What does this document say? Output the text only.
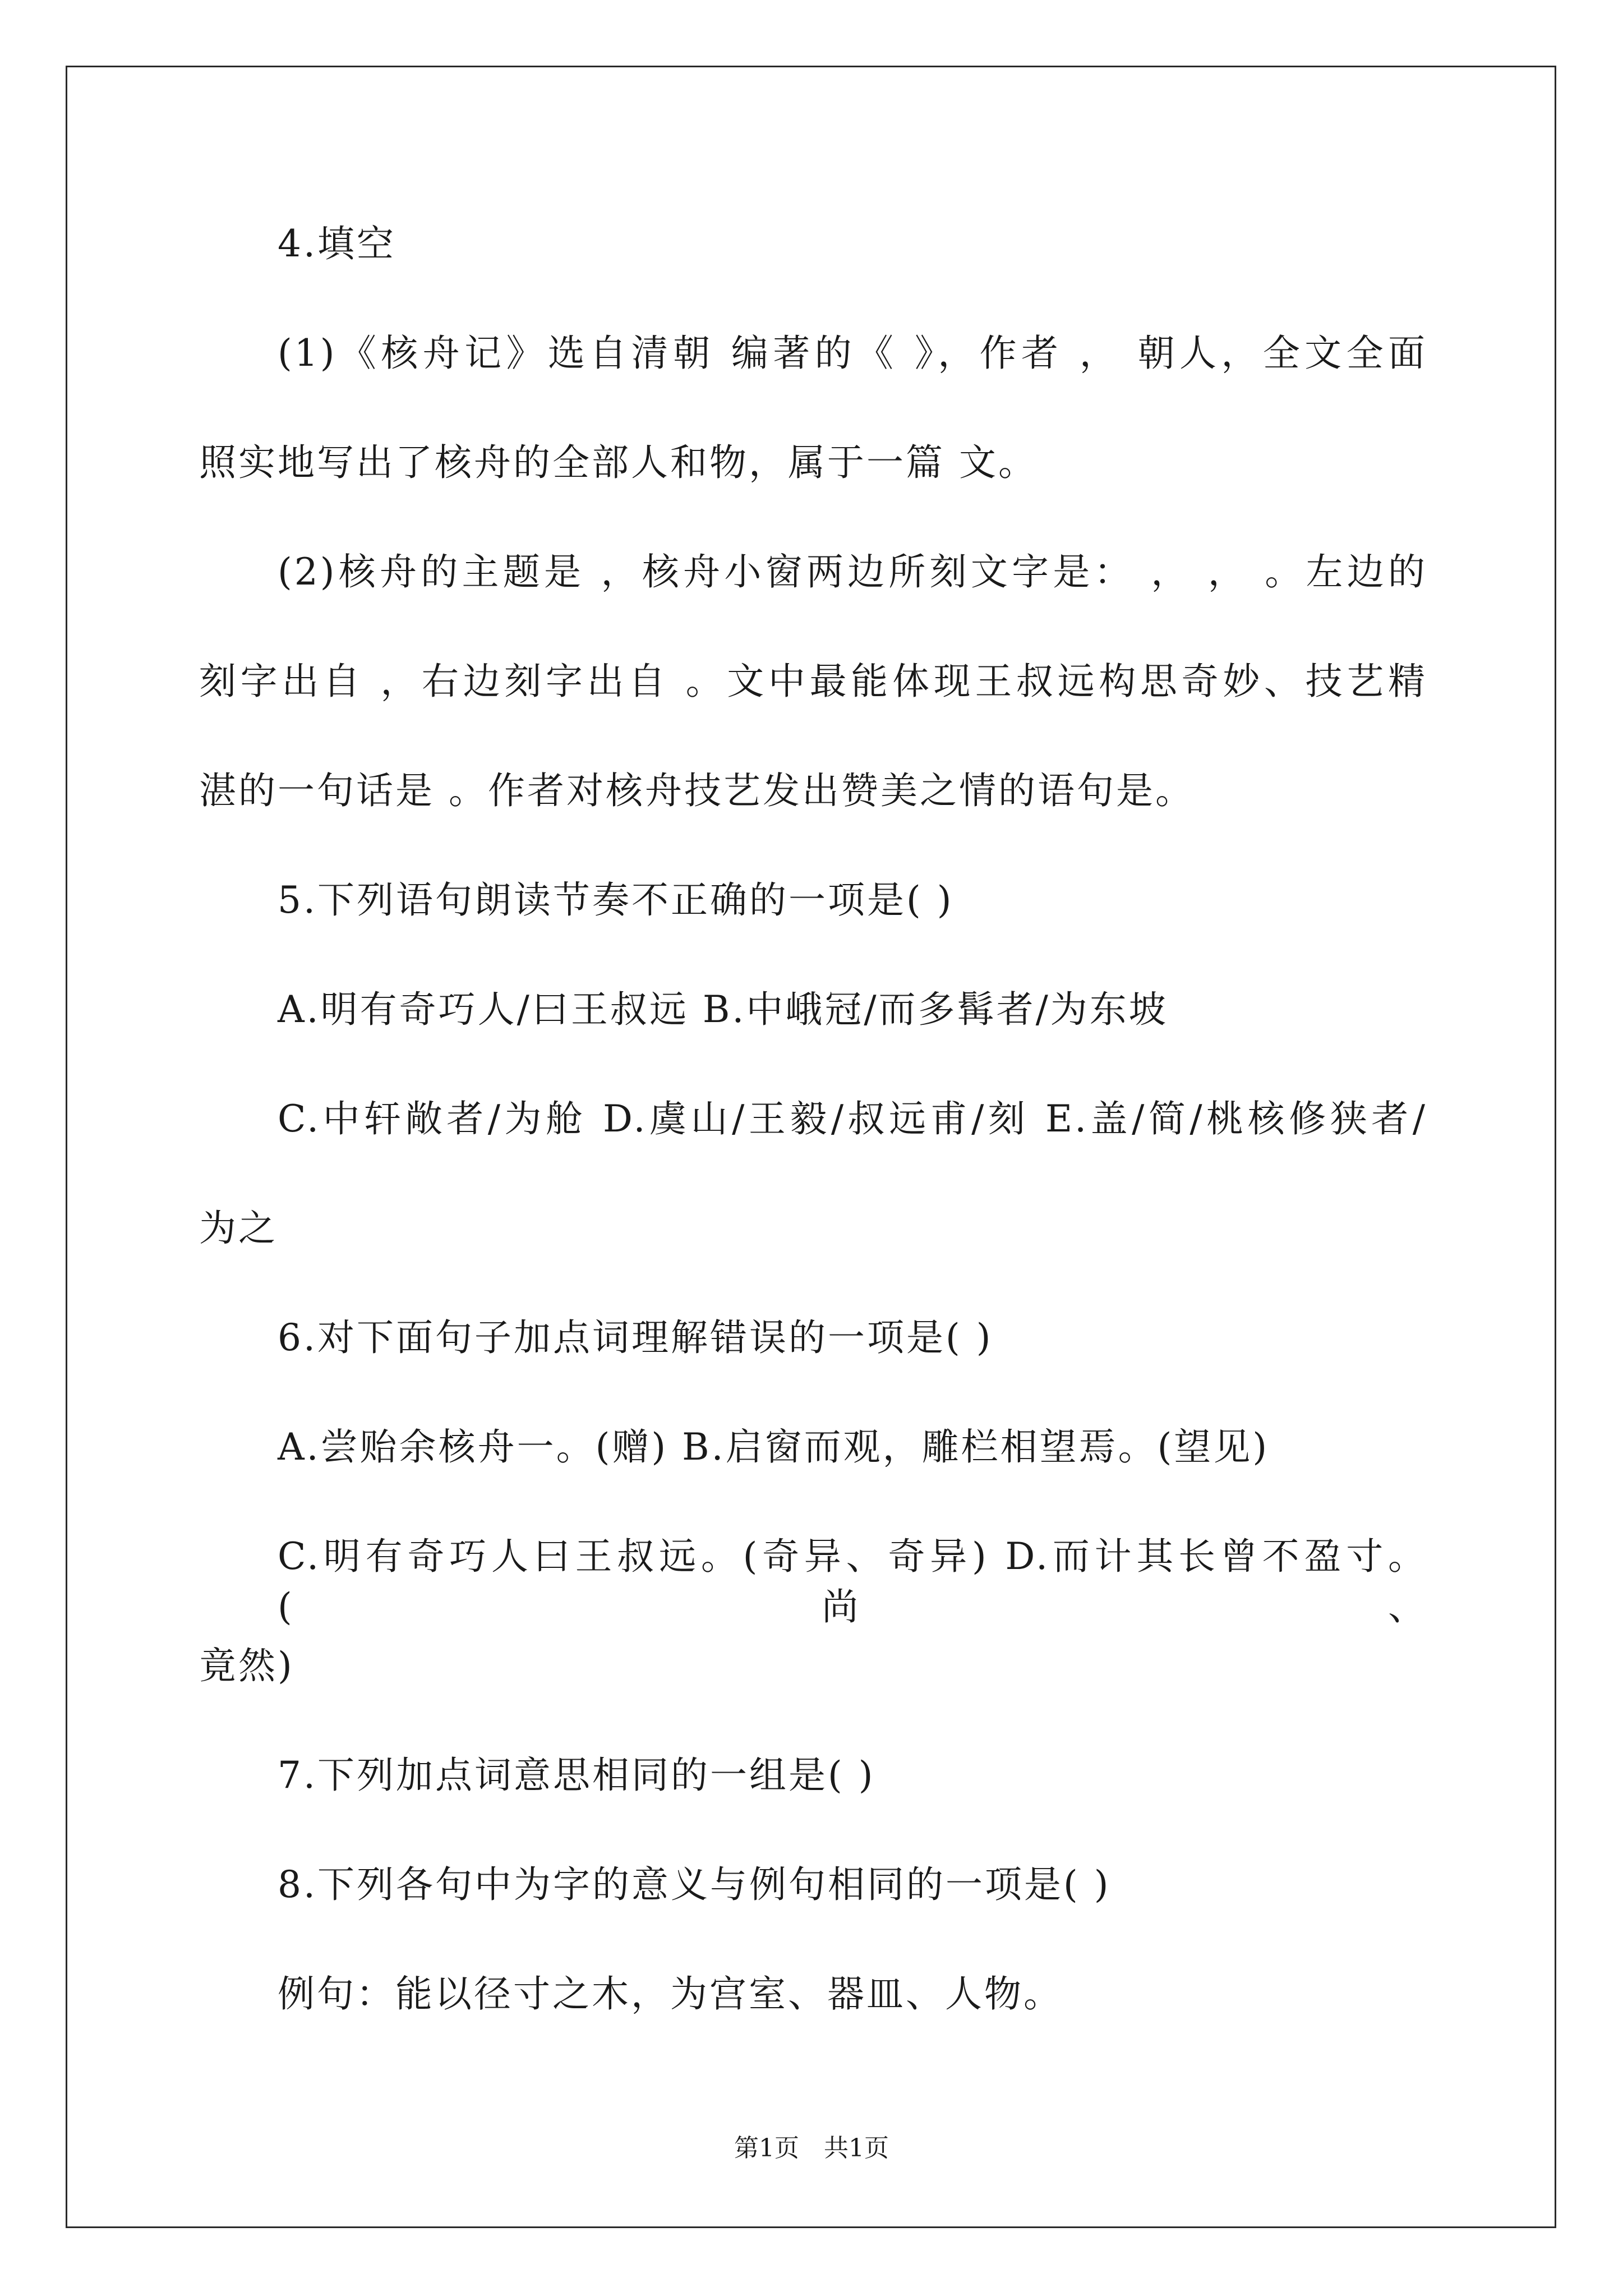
4.填空
(1)《核舟记》选自清朝 编著的《 》，作者 ， 朝人，全文全面
照实地写出了核舟的全部人和物，属于一篇 文。
(2)核舟的主题是 ，核舟小窗两边所刻文字是： ， ， 。左边的
刻字出自 ，右边刻字出自 。文中最能体现王叔远构思奇妙、技艺精
湛的一句话是 。作者对核舟技艺发出赞美之情的语句是。
5.下列语句朗读节奏不正确的一项是( )
A.明有奇巧人/曰王叔远 B.中峨冠/而多髯者/为东坡
C.中轩敞者/为舱 D.虞山/王毅/叔远甫/刻 E.盖/简/桃核修狭者/
为之
6.对下面句子加点词理解错误的一项是( )
A.尝贻余核舟一。(赠) B.启窗而观，雕栏相望焉。(望见)
C.明有奇巧人曰王叔远。(奇异、奇异) D.而计其长曾不盈寸。(尚、
竟然)
7.下列加点词意思相同的一组是( )
8.下列各句中为字的意义与例句相同的一项是( )
例句：能以径寸之木，为宫室、器皿、人物。
第1页　共1页
